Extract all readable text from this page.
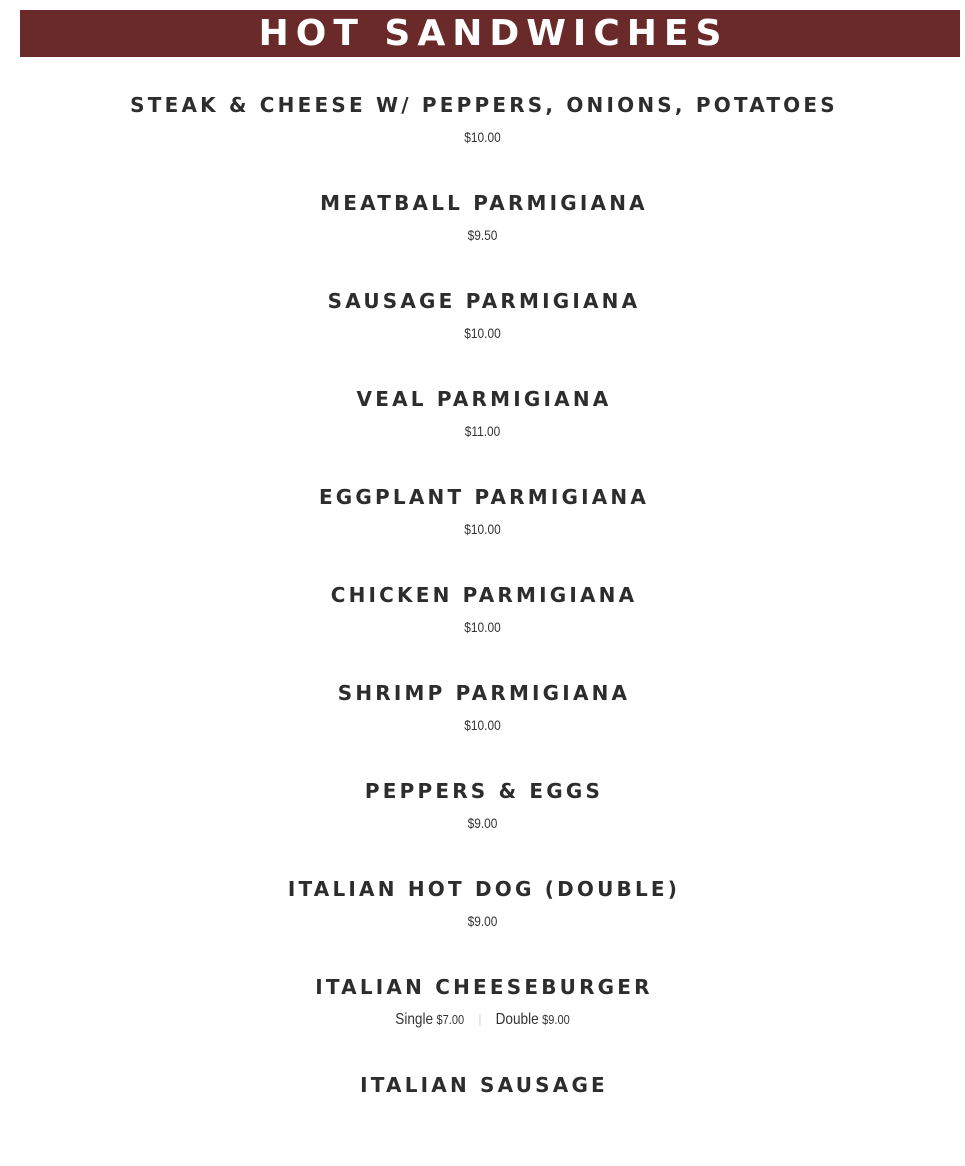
HOT SANDWICHES
STEAK & CHEESE W/ PEPPERS, ONIONS, POTATOES
$10.00
MEATBALL PARMIGIANA
$9.50
SAUSAGE PARMIGIANA
$10.00
VEAL PARMIGIANA
$11.00
EGGPLANT PARMIGIANA
$10.00
CHICKEN PARMIGIANA
$10.00
SHRIMP PARMIGIANA
$10.00
PEPPERS & EGGS
$9.00
ITALIAN HOT DOG (DOUBLE)
$9.00
ITALIAN CHEESEBURGER
Single $7.00 Double $9.00
ITALIAN SAUSAGE
